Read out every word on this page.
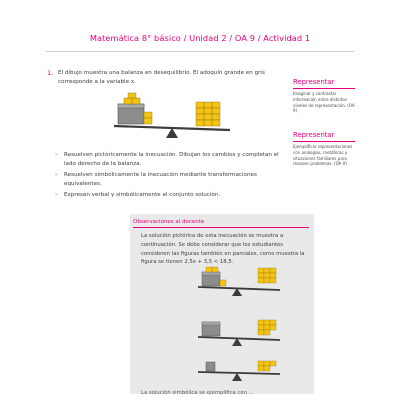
Matemática 8° básico / Unidad 2 / OA 9 / Actividad 1
1. El dibujo muestra una balanza en desequilibrio. El adoquín grande en gris corresponde a la variable x.	Representar
Imaginar y contrastar información entre distintos niveles de representación. (OA 9)
Representar
Ejemplificar representaciones con analogías, metáforas y situaciones familiares para resolver problemas. (OA 9)
› Resuelven pictóricamente la inecuación. Dibujan los cambios y completan el lado derecho de la balanza.
› Resuelven simbólicamente la inecuación mediante transformaciones equivalentes.
› Expresan verbal y simbólicamente el conjunto solución.
Observaciones al docente
La solución pictórica de esta inecuación se muestra a continuación. Se debe considerar que los estudiantes consideren las figuras también en parciales, como muestra la figura se tienen 2,5x + 3,5 < 18,5.
La solución simbólica se ejemplifica con ...
